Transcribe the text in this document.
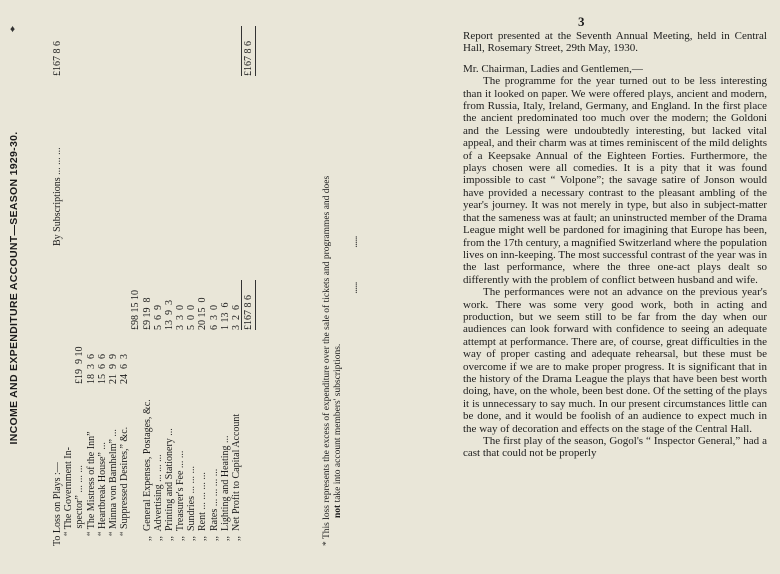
♦
⸽
⸽
INCOME AND EXPENDITURE ACCOUNT—SEASON 1929-30.
To Loss on Plays :— “ The Government In- spector” ... ... ...
£19  9 10
“ The Mistress of the Inn”
18  3  6
“ Heartbreak House” ...
15  6  6
“ Minna von Barnhelm” ...
21  9  9
“ Suppressed Desires,” &c.
24  6  3
£98 15 10
,,  General Expenses, Postages, &c.
£9 19  8
,,  Advertising ... ... ...
5  6  9
,,  Printing and Stationery ...
13  9  3
,,  Treasurer's Fee ... ...
3  3  0
,,  Sundries ... ... ...
5  0  0
,,  Rent ... ... ... ...
20 15  0
,,  Rates ... ... ... ...
6  3  0
,,  Lighting and Heating ...
1 13  6
,,  Net Profit to Capital Account
3  2  6
By Subscriptions ... ... ...
£167 8 6
£167 8 6
£167 8 6
* This loss represents the excess of expenditure over the sale of tickets and programmes and does not take into account members' subscriptions.
3

Report presented at the Seventh Annual Meeting, held in Central Hall, Rosemary Street, 29th May, 1930.

Mr. Chairman, Ladies and Gentlemen,—

The programme for the year turned out to be less interesting than it looked on paper. We were offered plays, ancient and modern, from Russia, Italy, Ireland, Germany, and England. In the first place the ancient predominated too much over the modern; the Goldoni and the Lessing were undoubtedly interesting, but lacked vital appeal, and their charm was at times reminiscent of the mild delights of a Keepsake Annual of the Eighteen Forties. Furthermore, the plays chosen were all comedies. It is a pity that it was found impossible to cast “ Volpone”; the savage satire of Jonson would have provided a necessary contrast to the pleasant ambling of the year's journey. It was not merely in type, but also in subject-matter that the sameness was at fault; an uninstructed member of the Drama League might well be pardoned for imagining that Europe has been, from the 17th century, a magnified Switzerland where the population lives on inn-keeping. The most successful contrast of the year was in the last performance, where the three one-act plays dealt so differently with the problem of conflict between husband and wife.

The performances were not an advance on the previous year's work. There was some very good work, both in acting and production, but we seem still to be far from the day when our audiences can look forward with confidence to seeing an adequate attempt at performance. There are, of course, great difficulties in the way of proper casting and adequate rehearsal, but these must be overcome if we are to make proper progress. It is significant that in the history of the Drama League the plays that have been best worth doing, have, on the whole, been best done. Of the setting of the plays it is unnecessary to say much. In our present circumstances little can be done, and it would be foolish of an audience to expect much in the way of decoration and effects on the stage of the Central Hall.

The first play of the season, Gogol's “ Inspector General,” had a cast that could not be properly
